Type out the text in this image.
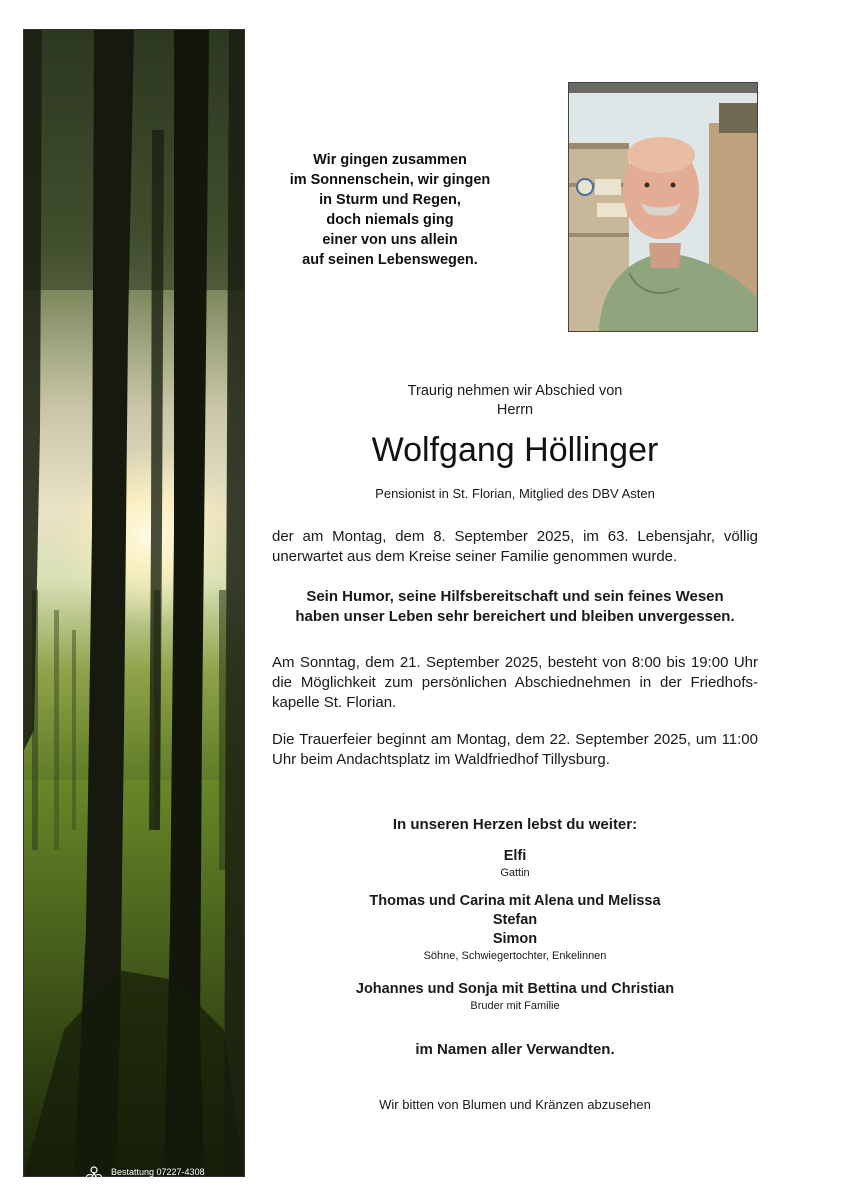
Bestattung 07227-4308
www.oberhuber.at
Wir gingen zusammen
im Sonnenschein, wir gingen
in Sturm und Regen,
doch niemals ging
einer von uns allein
auf seinen Lebenswegen.
Traurig nehmen wir Abschied von
Herrn
Wolfgang Höllinger
Pensionist in St. Florian, Mitglied des DBV Asten
der am Montag, dem 8. September 2025, im 63. Lebensjahr, völlig unerwartet aus dem Kreise seiner Familie genommen wurde.
Sein Humor, seine Hilfsbereitschaft und sein feines Wesen
haben unser Leben sehr bereichert und bleiben unvergessen.
Am Sonntag, dem 21. September 2025, besteht von 8:00 bis 19:00 Uhr die Möglichkeit zum persönlichen Abschiednehmen in der Friedhofs-kapelle St. Florian.
Die Trauerfeier beginnt am Montag, dem 22. September 2025, um 11:00 Uhr beim Andachtsplatz im Waldfriedhof Tillysburg.
In unseren Herzen lebst du weiter:
Elfi
Gattin
Thomas und Carina mit Alena und Melissa
Stefan
Simon
Söhne, Schwiegertochter, Enkelinnen
Johannes und Sonja mit Bettina und Christian
Bruder mit Familie
im Namen aller Verwandten.
Wir bitten von Blumen und Kränzen abzusehen
